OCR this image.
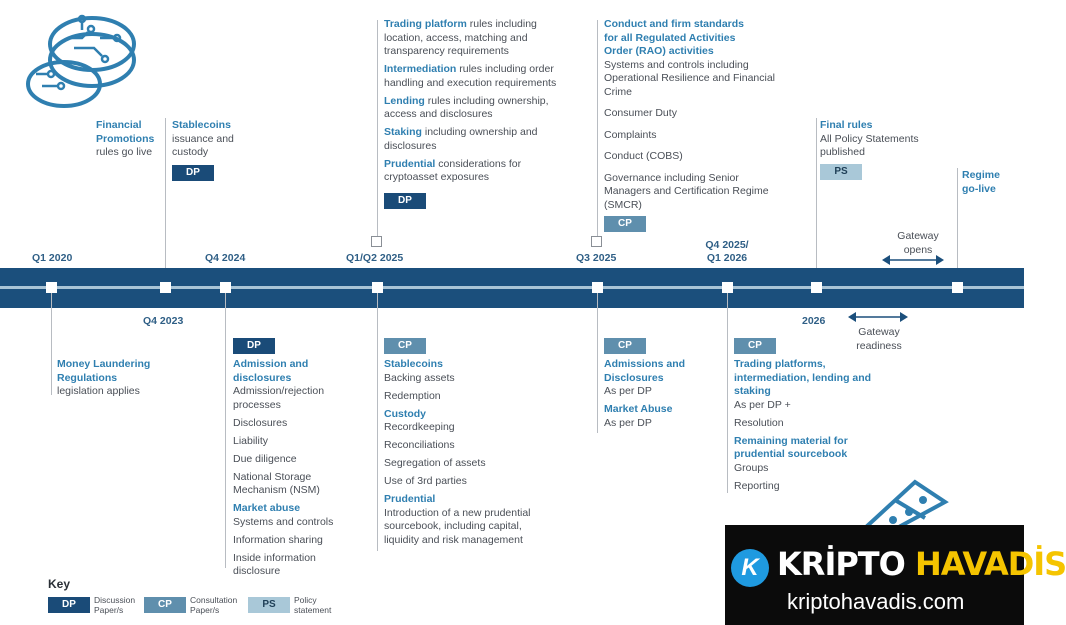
Financial Promotions
rules go live
Stablecoins
issuance and custody
DP
Trading platform rules including location, access, matching and transparency requirements
Intermediation rules including order handling and execution requirements
Lending rules including ownership, access and disclosures
Staking including ownership and disclosures
Prudential considerations for cryptoasset exposures
DP
Conduct and firm standards for all Regulated Activities Order (RAO) activities
Systems and controls including Operational Resilience and Financial Crime
Consumer Duty
Complaints
Conduct (COBS)
Governance including Senior Managers and Certification Regime (SMCR)
CP
Final rules
All Policy Statements published
PS	Regime go-live
Gateway opens
Q1 2020	Q4 2024	Q1/Q2 2025	Q3 2025
Q4 2025/ Q1 2026
Q4 2023	2026
Gateway readiness
Money Laundering Regulations
legislation applies
DP
Admission and disclosures
Admission/rejection processes
Disclosures
Liability
Due diligence
National Storage Mechanism (NSM)
Market abuse
Systems and controls
Information sharing
Inside information disclosure
CP
Stablecoins
Backing assets
Redemption
Custody
Recordkeeping
Reconciliations
Segregation of assets
Use of 3rd parties
Prudential
Introduction of a new prudential sourcebook, including capital, liquidity and risk management
CP
Admissions and Disclosures
As per DP
Market Abuse
As per DP
CP
Trading platforms, intermediation, lending and staking
As per DP +
Resolution
Remaining material for prudential sourcebook
Groups
Reporting
Key
DP	Discussion Paper/s	CP	Consultation Paper/s	PS	Policy statement
K KRİPTO HAVADİS
kriptohavadis.com
